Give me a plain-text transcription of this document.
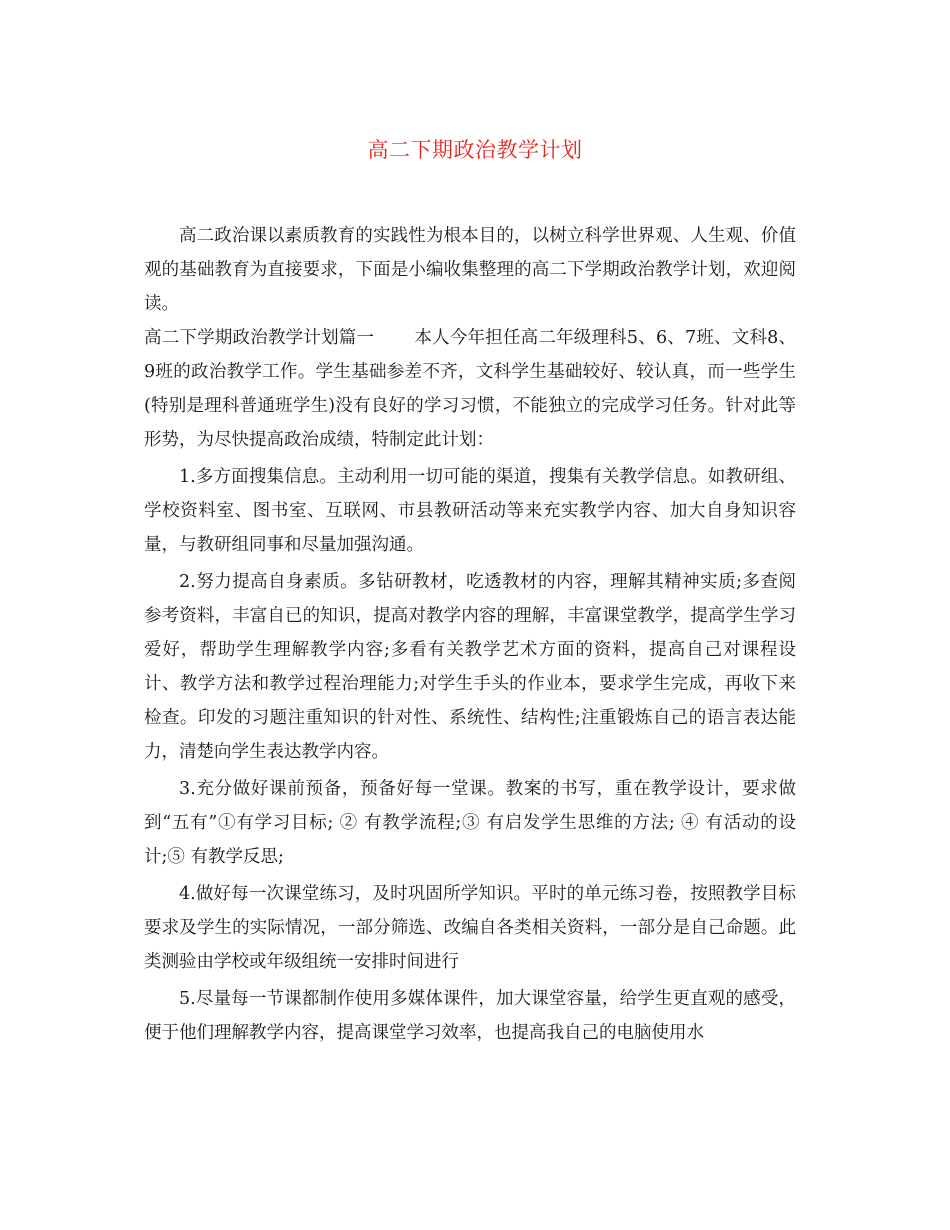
高二下期政治教学计划

高二政治课以素质教育的实践性为根本目的，以树立科学世界观、人生观、价值观的基础教育为直接要求，下面是小编收集整理的高二下学期政治教学计划，欢迎阅读。

高二下学期政治教学计划篇一 本人今年担任高二年级理科5、6、7班、文科8、9班的政治教学工作。学生基础参差不齐，文科学生基础较好、较认真，而一些学生(特别是理科普通班学生)没有良好的学习习惯，不能独立的完成学习任务。针对此等形势，为尽快提高政治成绩，特制定此计划：

1.多方面搜集信息。主动利用一切可能的渠道，搜集有关教学信息。如教研组、学校资料室、图书室、互联网、市县教研活动等来充实教学内容、加大自身知识容量，与教研组同事和尽量加强沟通。

2.努力提高自身素质。多钻研教材，吃透教材的内容，理解其精神实质;多查阅参考资料，丰富自已的知识，提高对教学内容的理解，丰富课堂教学，提高学生学习爱好，帮助学生理解教学内容;多看有关教学艺术方面的资料，提高自己对课程设计、教学方法和教学过程治理能力;对学生手头的作业本，要求学生完成，再收下来检查。印发的习题注重知识的针对性、系统性、结构性;注重锻炼自己的语言表达能力，清楚向学生表达教学内容。

3.充分做好课前预备，预备好每一堂课。教案的书写，重在教学设计，要求做到“五有”①有学习目标; ② 有教学流程;③ 有启发学生思维的方法; ④ 有活动的设计;⑤ 有教学反思;

4.做好每一次课堂练习，及时巩固所学知识。平时的单元练习卷，按照教学目标要求及学生的实际情况，一部分筛选、改编自各类相关资料，一部分是自己命题。此类测验由学校或年级组统一安排时间进行

5.尽量每一节课都制作使用多媒体课件，加大课堂容量，给学生更直观的感受，便于他们理解教学内容，提高课堂学习效率，也提高我自己的电脑使用水
